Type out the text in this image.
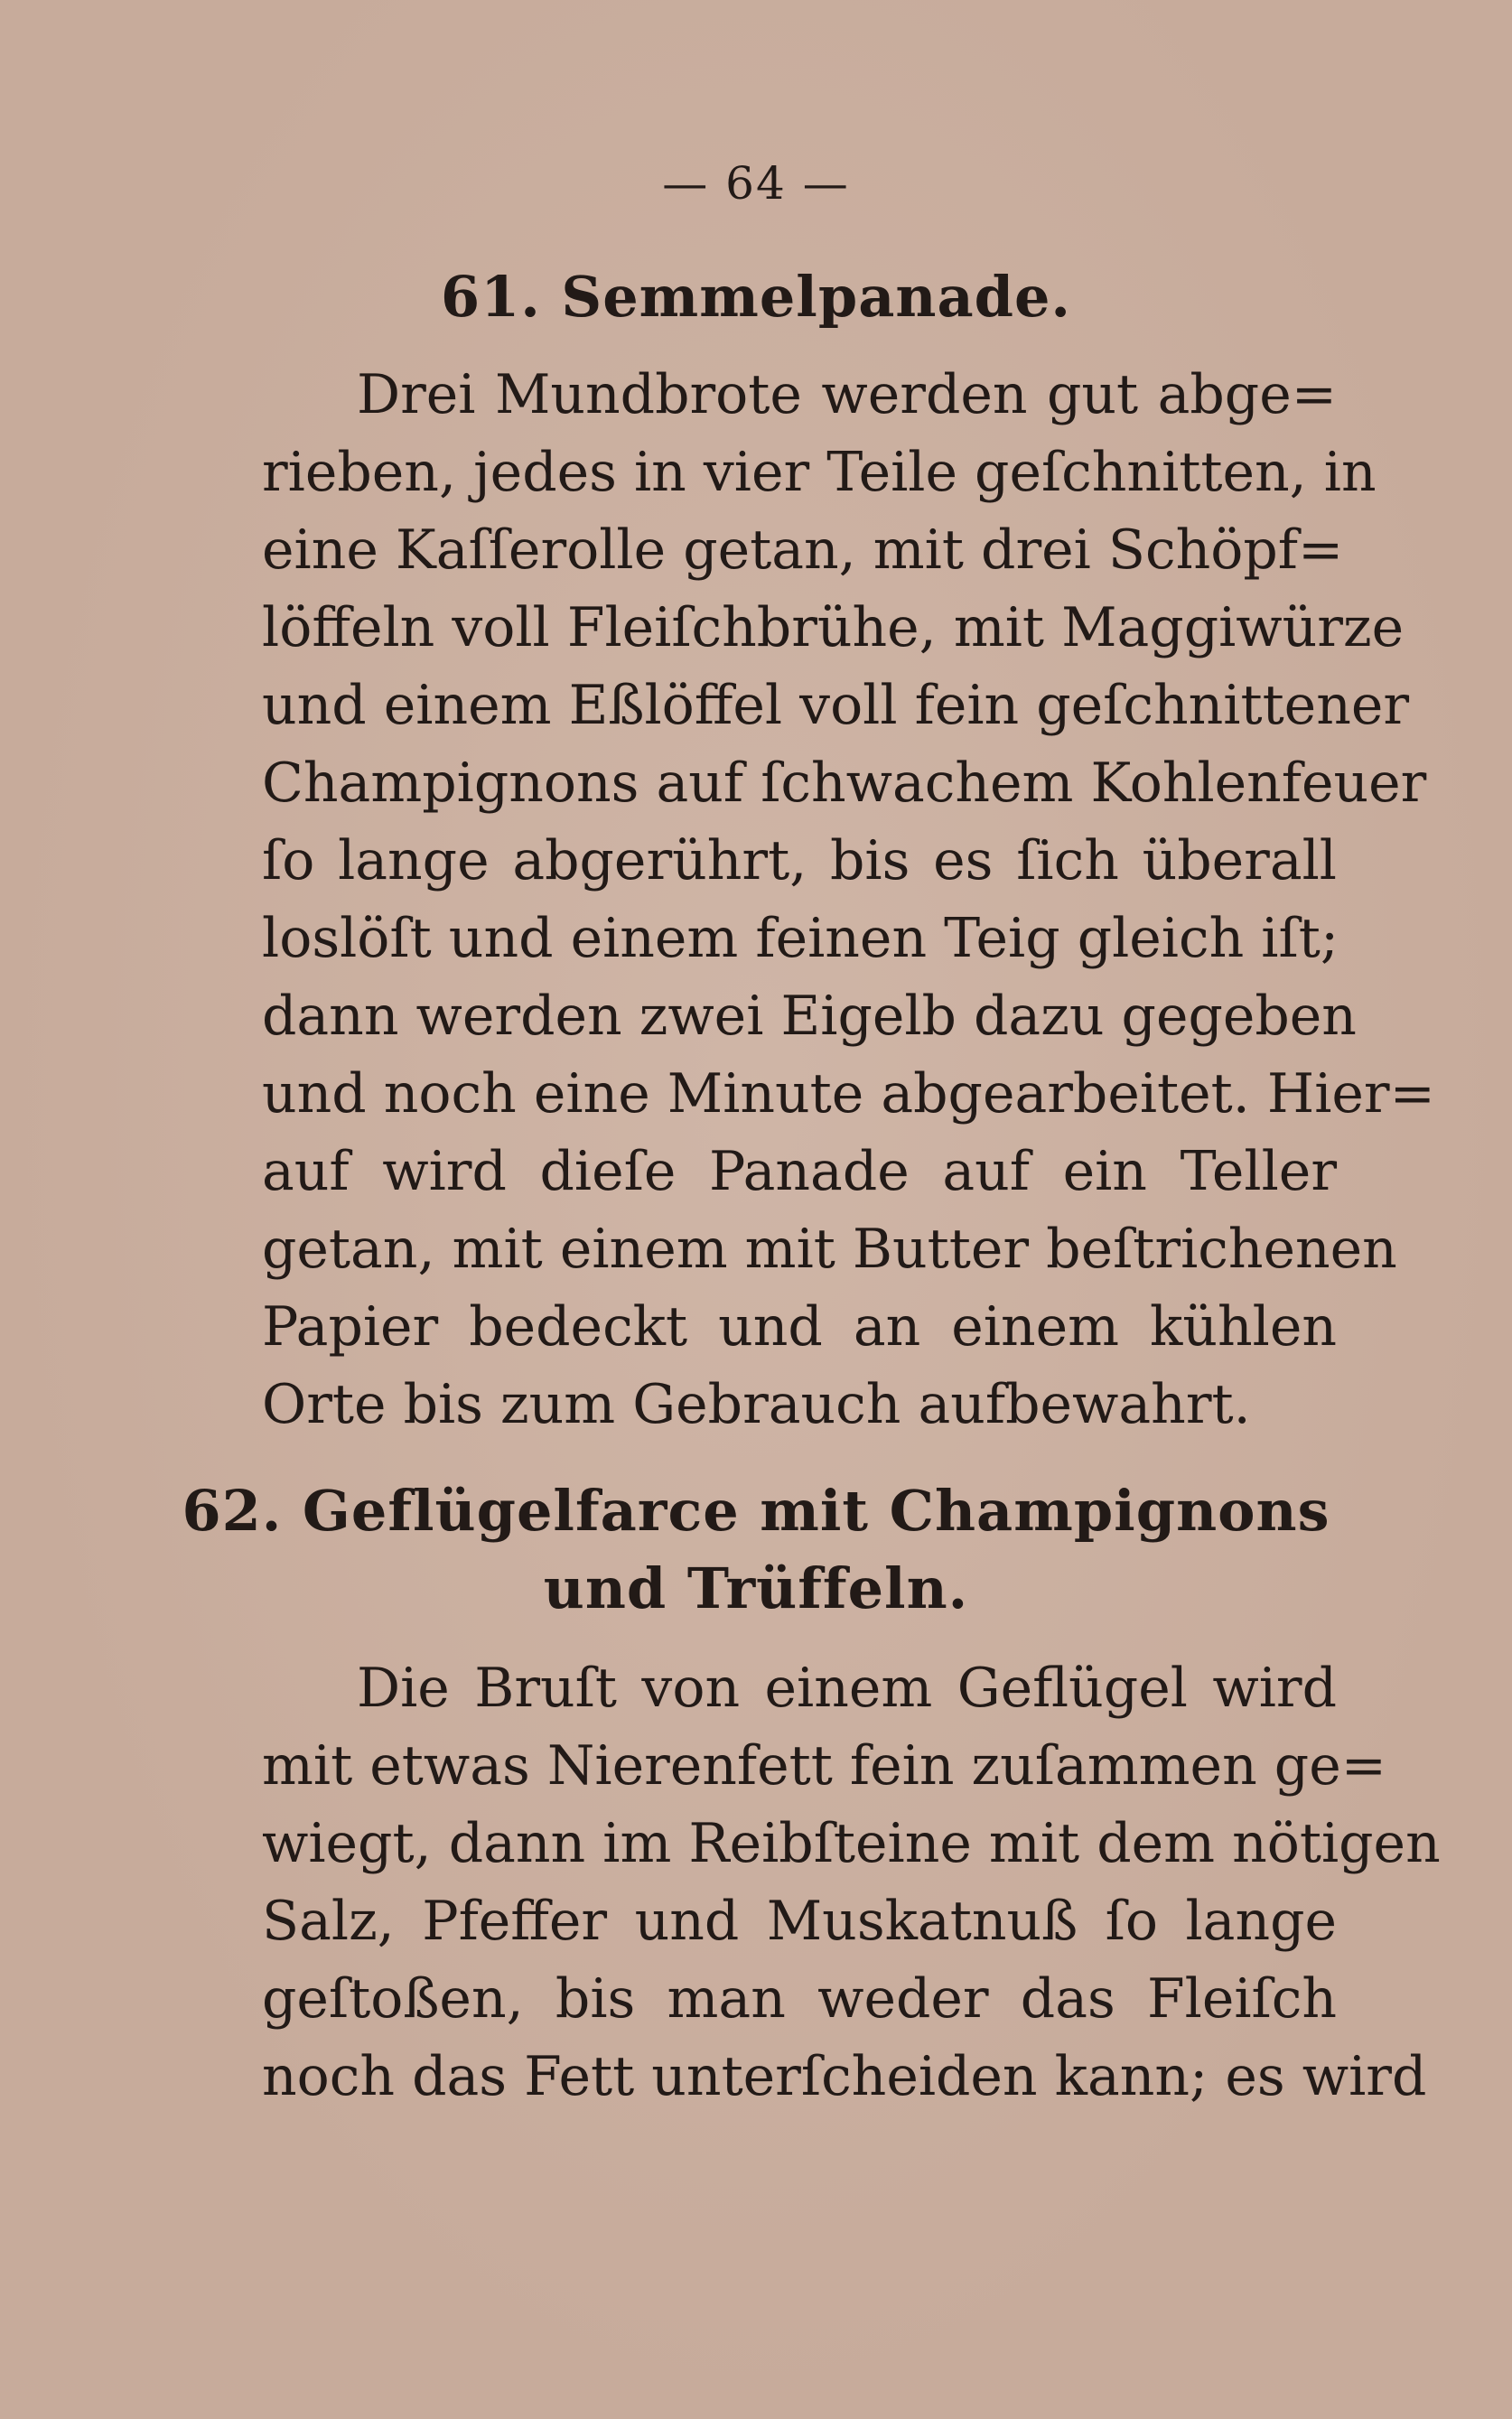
— 64 —
61. Semmelpanade.
Drei Mundbrote werden gut abge=
rieben, jedes in vier Teile geſchnitten, in
eine Kaſſerolle getan, mit drei Schöpf=
löffeln voll Fleiſchbrühe, mit Maggiwürze
und einem Eßlöffel voll fein geſchnittener
Champignons auf ſchwachem Kohlenfeuer
ſo lange abgerührt, bis es ſich überall
loslöſt und einem feinen Teig gleich iſt;
dann werden zwei Eigelb dazu gegeben
und noch eine Minute abgearbeitet. Hier=
auf wird dieſe Panade auf ein Teller
getan, mit einem mit Butter beſtrichenen
Papier bedeckt und an einem kühlen
Orte bis zum Gebrauch aufbewahrt.
62. Geflügelfarce mit Champignons
und Trüffeln.
Die Bruſt von einem Geflügel wird
mit etwas Nierenfett fein zuſammen ge=
wiegt, dann im Reibſteine mit dem nötigen
Salz, Pfeffer und Muskatnuß ſo lange
geſtoßen, bis man weder das Fleiſch
noch das Fett unterſcheiden kann; es wird
